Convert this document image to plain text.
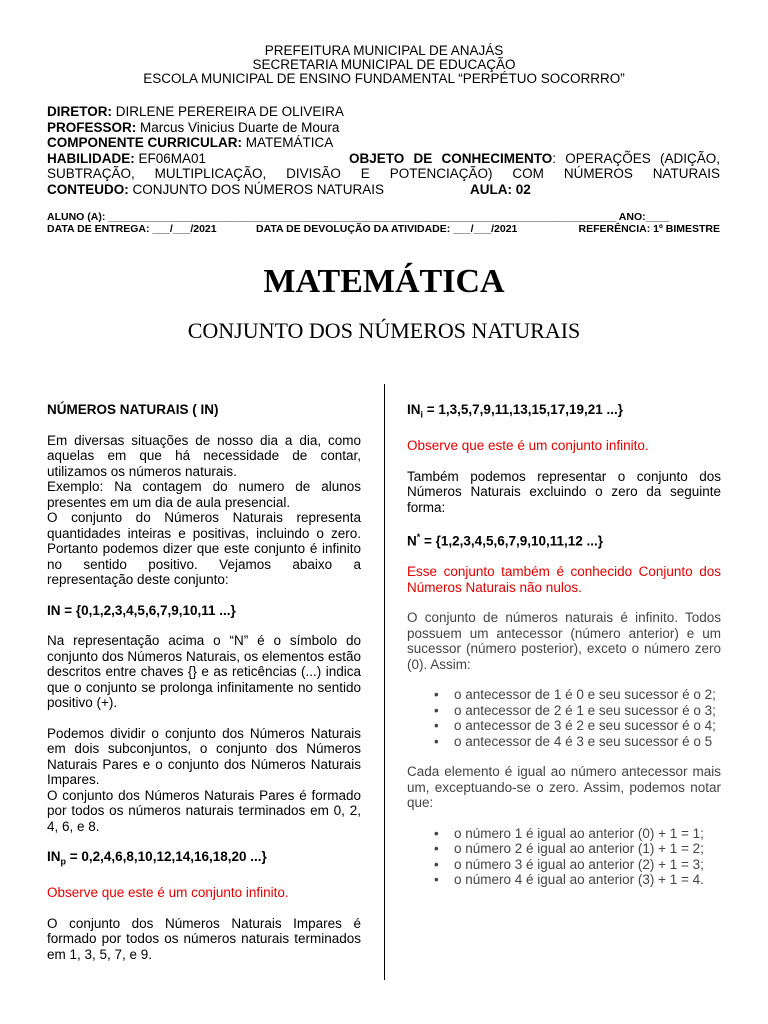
PREFEITURA MUNICIPAL DE ANAJÁS
SECRETARIA MUNICIPAL DE EDUCAÇÃO
ESCOLA MUNICIPAL DE ENSINO FUNDAMENTAL “PERPÉTUO SOCORRRO”
DIRETOR: DIRLENE PEREREIRA DE OLIVEIRA
PROFESSOR: Marcus Vinicius Duarte de Moura
COMPONENTE CURRICULAR: MATEMÁTICA
HABILIDADE: EF06MA01	OBJETO DE CONHECIMENTO: OPERAÇÕES (ADIÇÃO,
SUBTRAÇÃO, MULTIPLICAÇÃO, DIVISÃO E POTENCIAÇÃO) COM NÚMEROS NATURAIS
CONTEUDO: CONJUNTO DOS NÚMEROS NATURAIS	AULA: 02
ALUNO (A): _______________________________________________________________________________________ ANO:____
DATA DE ENTREGA: ___/___/2021	DATA DE DEVOLUÇÃO DA ATIVIDADE: ___/___/2021	REFERÊNCIA: 1º BIMESTRE
MATEMÁTICA
CONJUNTO DOS NÚMEROS NATURAIS

NÚMEROS NATURAIS ( IN)

Em diversas situações de nosso dia a dia, como aquelas em que há necessidade de contar, utilizamos os números naturais.

Exemplo: Na contagem do numero de alunos presentes em um dia de aula presencial.

O conjunto do Números Naturais representa quantidades inteiras e positivas, incluindo o zero. Portanto podemos dizer que este conjunto é infinito no sentido positivo. Vejamos abaixo a representação deste conjunto:

IN = {0,1,2,3,4,5,6,7,9,10,11 ...}

Na representação acima o “N” é o símbolo do conjunto dos Números Naturais, os elementos estão descritos entre chaves {} e as reticências (...) indica que o conjunto se prolonga infinitamente no sentido positivo (+).

Podemos dividir o conjunto dos Números Naturais em dois subconjuntos, o conjunto dos Números Naturais Pares e o conjunto dos Números Naturais Impares.

O conjunto dos Números Naturais Pares é formado por todos os números naturais terminados em 0, 2, 4, 6, e 8.

$IN_p = 0,2,4,6,8,10,12,14,16,18,20$ ...}

Observe que este é um conjunto infinito.

O conjunto dos Números Naturais Impares é formado por todos os números naturais terminados em 1, 3, 5, 7, e 9.

$IN_i = 1,3,5,7,9,11,13,15,17,19,21$ ...}

Observe que este é um conjunto infinito.

Também podemos representar o conjunto dos Números Naturais excluindo o zero da seguinte forma:

N* = {1,2,3,4,5,6,7,9,10,11,12 ...}

Esse conjunto também é conhecido Conjunto dos Números Naturais não nulos.

O conjunto de números naturais é infinito. Todos possuem um antecessor (número anterior) e um sucessor (número posterior), exceto o número zero (0). Assim:

• o antecessor de 1 é 0 e seu sucessor é o 2;
• o antecessor de 2 é 1 e seu sucessor é o 3;
• o antecessor de 3 é 2 e seu sucessor é o 4;
• o antecessor de 4 é 3 e seu sucessor é o 5

Cada elemento é igual ao número antecessor mais um, exceptuando-se o zero. Assim, podemos notar que:

• o número 1 é igual ao anterior (0) + 1 = 1;
• o número 2 é igual ao anterior (1) + 1 = 2;
• o número 3 é igual ao anterior (2) + 1 = 3;
• o número 4 é igual ao anterior (3) + 1 = 4.
